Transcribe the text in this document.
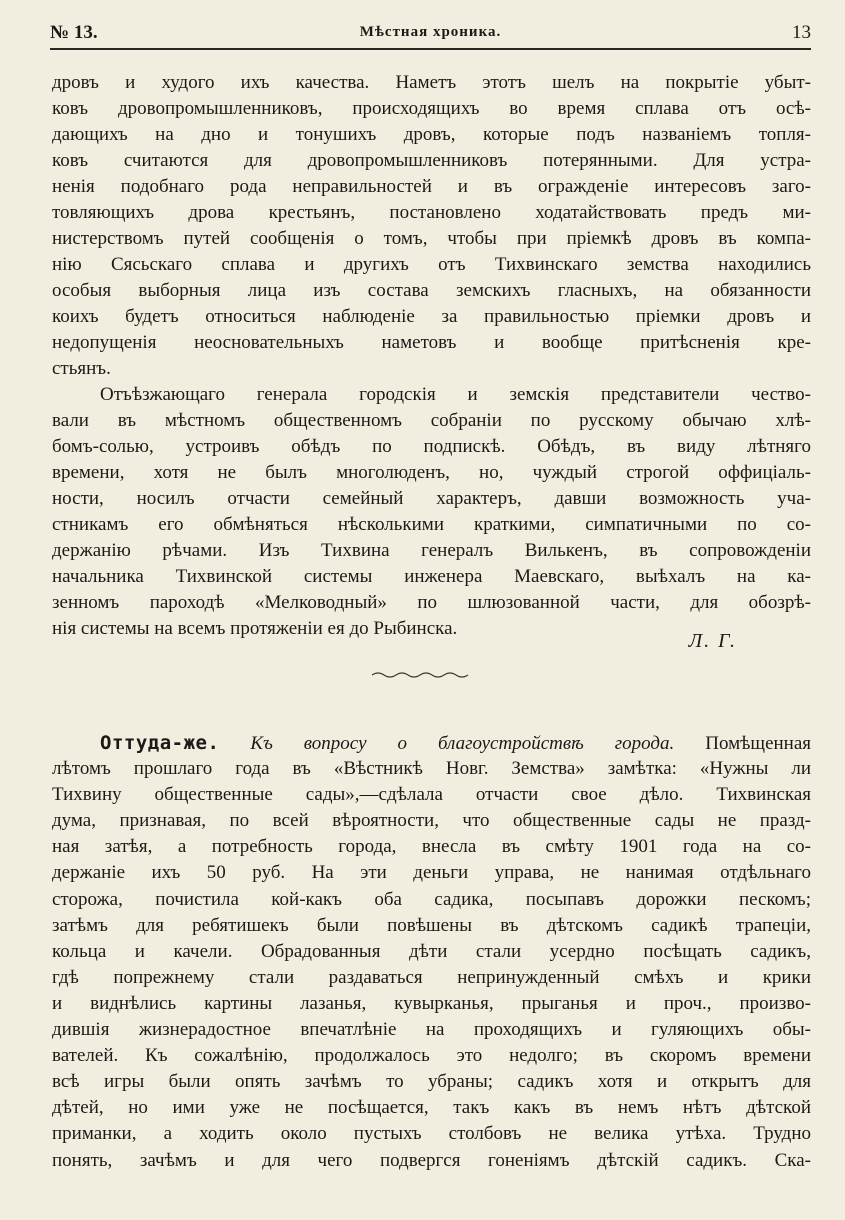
№ 13.	Мѣстная хроника.	13
дровъ и худого ихъ качества. Наметъ этотъ шелъ на покрытіе убыт-
ковъ дровопромышленниковъ, происходящихъ во время сплава отъ осѣ-
дающихъ на дно и тонушихъ дровъ, которые подъ названіемъ топля-
ковъ считаются для дровопромышленниковъ потерянными. Для устра-
ненія подобнаго рода неправильностей и въ огражденіе интересовъ заго-
товляющихъ дрова крестьянъ, постановлено ходатайствовать предъ ми-
нистерствомъ путей сообщенія о томъ, чтобы при пріемкѣ дровъ въ компа-
нію Сясьскаго сплава и другихъ отъ Тихвинскаго земства находились
особыя выборныя лица изъ состава земскихъ гласныхъ, на обязанности
коихъ будетъ относиться наблюденіе за правильностью пріемки дровъ и
недопущенія неосновательныхъ наметовъ и вообще притѣсненія кре-
стьянъ.
Отъѣзжающаго генерала городскія и земскія представители чество-
вали въ мѣстномъ общественномъ собраніи по русскому обычаю хлѣ-
бомъ-солью, устроивъ обѣдъ по подпискѣ. Обѣдъ, въ виду лѣтняго
времени, хотя не былъ многолюденъ, но, чуждый строгой оффиціаль-
ности, носилъ отчасти семейный характеръ, давши возможность уча-
стникамъ его обмѣняться нѣсколькими краткими, симпатичными по со-
держанію рѣчами. Изъ Тихвина генералъ Вилькенъ, въ сопровожденіи
начальника Тихвинской системы инженера Маевскаго, выѣхалъ на ка-
зенномъ пароходѣ «Мелководный» по шлюзованной части, для обозрѣ-
нія системы на всемъ протяженіи ея до Рыбинска.
Л. Г.
Оттуда-же. Къ вопросу о благоустройствѣ города. Помѣщенная
лѣтомъ прошлаго года въ «Вѣстникѣ Новг. Земства» замѣтка: «Нужны ли
Тихвину общественные сады»,—сдѣлала отчасти свое дѣло. Тихвинская
дума, признавая, по всей вѣроятности, что общественные сады не празд-
ная затѣя, а потребность города, внесла въ смѣту 1901 года на со-
держаніе ихъ 50 руб. На эти деньги управа, не нанимая отдѣльнаго
сторожа, почистила кой-какъ оба садика, посыпавъ дорожки пескомъ;
затѣмъ для ребятишекъ были повѣшены въ дѣтскомъ садикѣ трапеціи,
кольца и качели. Обрадованныя дѣти стали усердно посѣщать садикъ,
гдѣ попрежнему стали раздаваться непринужденный смѣхъ и крики
и виднѣлись картины лазанья, кувырканья, прыганья и проч., произво-
дившія жизнерадостное впечатлѣніе на проходящихъ и гуляющихъ обы-
вателей. Къ сожалѣнію, продолжалось это недолго; въ скоромъ времени
всѣ игры были опять зачѣмъ то убраны; садикъ хотя и открытъ для
дѣтей, но ими уже не посѣщается, такъ какъ въ немъ нѣтъ дѣтской
приманки, а ходить около пустыхъ столбовъ не велика утѣха. Трудно
понять, зачѣмъ и для чего подвергся гоненіямъ дѣтскій садикъ. Ска-
